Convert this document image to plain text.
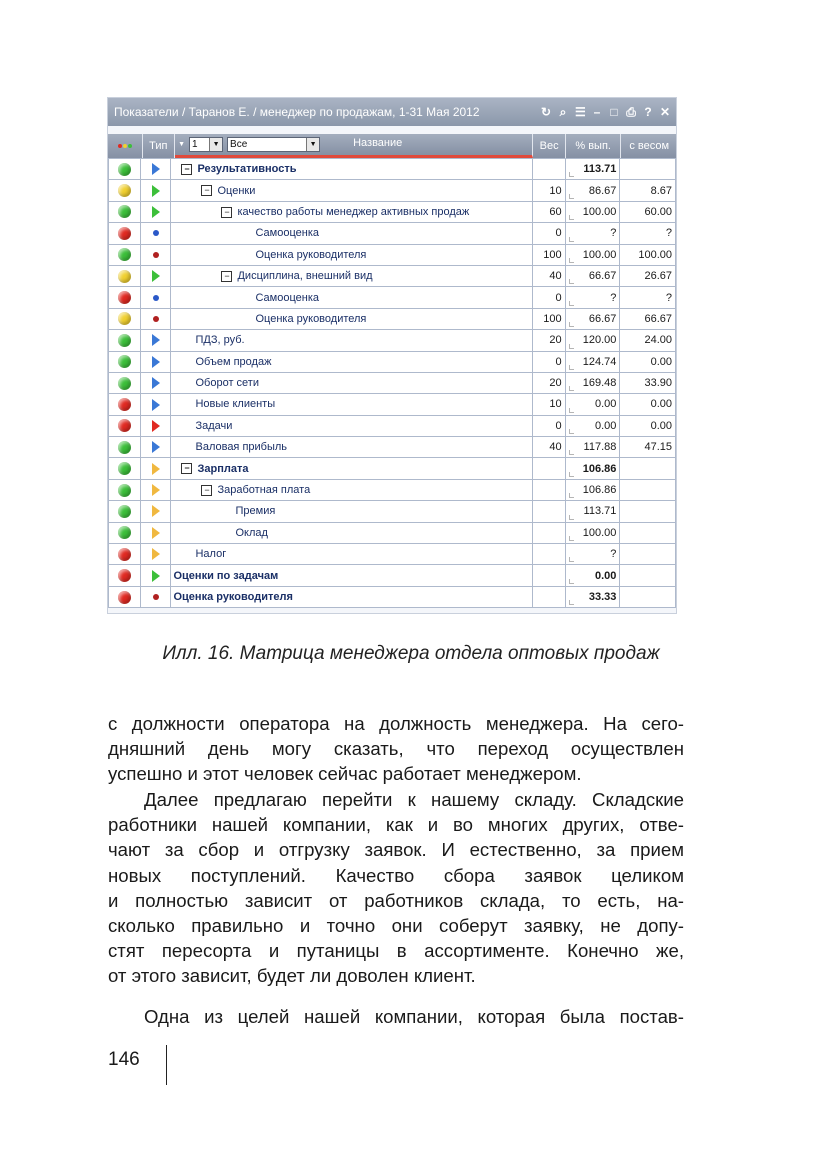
Показатели / Таранов Е. / менеджер по продажам, 1-31 Мая 2012	↻ ⌕ ☰ – □ ⎙ ? ✕
Тип	▼ 1	▼ Все	▼	Название	Вес	% вып.	с весом
		− Результативность		113.71	
		− Оценки	10	86.67	8.67
		− качество работы менеджер активных продаж	60	100.00	60.00
		Самооценка	0	?	?
		Оценка руководителя	100	100.00	100.00
		− Дисциплина, внешний вид	40	66.67	26.67
		Самооценка	0	?	?
		Оценка руководителя	100	66.67	66.67
		ПДЗ, руб.	20	120.00	24.00
		Объем продаж	0	124.74	0.00
		Оборот сети	20	169.48	33.90
		Новые клиенты	10	0.00	0.00
		Задачи	0	0.00	0.00
		Валовая прибыль	40	117.88	47.15
		− Зарплата		106.86	
		− Заработная плата		106.86	
		Премия		113.71	
		Оклад		100.00	
		Налог		?	
		Оценки по задачам		0.00	
		Оценка руководителя		33.33	
Илл. 16. Матрица менеджера отдела оптовых продаж
с должности оператора на должность менеджера. На сего-
дняшний день могу сказать, что переход осуществлен
успешно и этот человек сейчас работает менеджером.
Далее предлагаю перейти к нашему складу. Складские
работники нашей компании, как и во многих других, отве-
чают за сбор и отгрузку заявок. И естественно, за прием
новых поступлений. Качество сбора заявок целиком
и полностью зависит от работников склада, то есть, на-
сколько правильно и точно они соберут заявку, не допу-
стят пересорта и путаницы в ассортименте. Конечно же,
от этого зависит, будет ли доволен клиент.
Одна из целей нашей компании, которая была постав-
146
